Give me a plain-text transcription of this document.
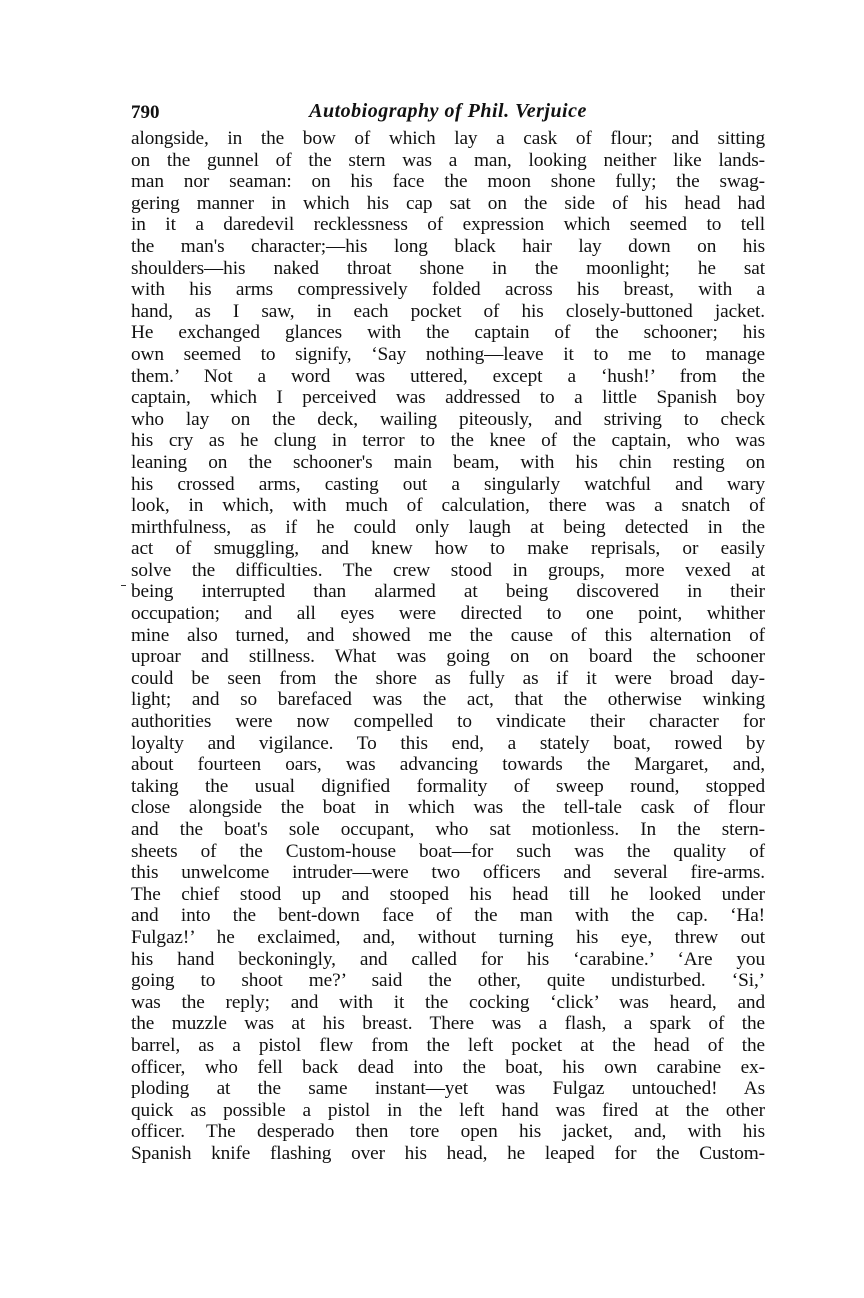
790	Autobiography of Phil. Verjuice
alongside, in the bow of which lay a cask of flour; and sitting
on the gunnel of the stern was a man, looking neither like lands-
man nor seaman: on his face the moon shone fully; the swag-
gering manner in which his cap sat on the side of his head had
in it a daredevil recklessness of expression which seemed to tell
the man's character;—his long black hair lay down on his
shoulders—his naked throat shone in the moonlight; he sat
with his arms compressively folded across his breast, with a
hand, as I saw, in each pocket of his closely-buttoned jacket.
He exchanged glances with the captain of the schooner; his
own seemed to signify, ‘Say nothing—leave it to me to manage
them.’ Not a word was uttered, except a ‘hush!’ from the
captain, which I perceived was addressed to a little Spanish boy
who lay on the deck, wailing piteously, and striving to check
his cry as he clung in terror to the knee of the captain, who was
leaning on the schooner's main beam, with his chin resting on
his crossed arms, casting out a singularly watchful and wary
look, in which, with much of calculation, there was a snatch of
mirthfulness, as if he could only laugh at being detected in the
act of smuggling, and knew how to make reprisals, or easily
solve the difficulties. The crew stood in groups, more vexed at
being interrupted than alarmed at being discovered in their
occupation; and all eyes were directed to one point, whither
mine also turned, and showed me the cause of this alternation of
uproar and stillness. What was going on on board the schooner
could be seen from the shore as fully as if it were broad day-
light; and so barefaced was the act, that the otherwise winking
authorities were now compelled to vindicate their character for
loyalty and vigilance. To this end, a stately boat, rowed by
about fourteen oars, was advancing towards the Margaret, and,
taking the usual dignified formality of sweep round, stopped
close alongside the boat in which was the tell-tale cask of flour
and the boat's sole occupant, who sat motionless. In the stern-
sheets of the Custom-house boat—for such was the quality of
this unwelcome intruder—were two officers and several fire-arms.
The chief stood up and stooped his head till he looked under
and into the bent-down face of the man with the cap. ‘Ha!
Fulgaz!’ he exclaimed, and, without turning his eye, threw out
his hand beckoningly, and called for his ‘carabine.’ ‘Are you
going to shoot me?’ said the other, quite undisturbed. ‘Si,’
was the reply; and with it the cocking ‘click’ was heard, and
the muzzle was at his breast. There was a flash, a spark of the
barrel, as a pistol flew from the left pocket at the head of the
officer, who fell back dead into the boat, his own carabine ex-
ploding at the same instant—yet was Fulgaz untouched! As
quick as possible a pistol in the left hand was fired at the other
officer. The desperado then tore open his jacket, and, with his
Spanish knife flashing over his head, he leaped for the Custom-
